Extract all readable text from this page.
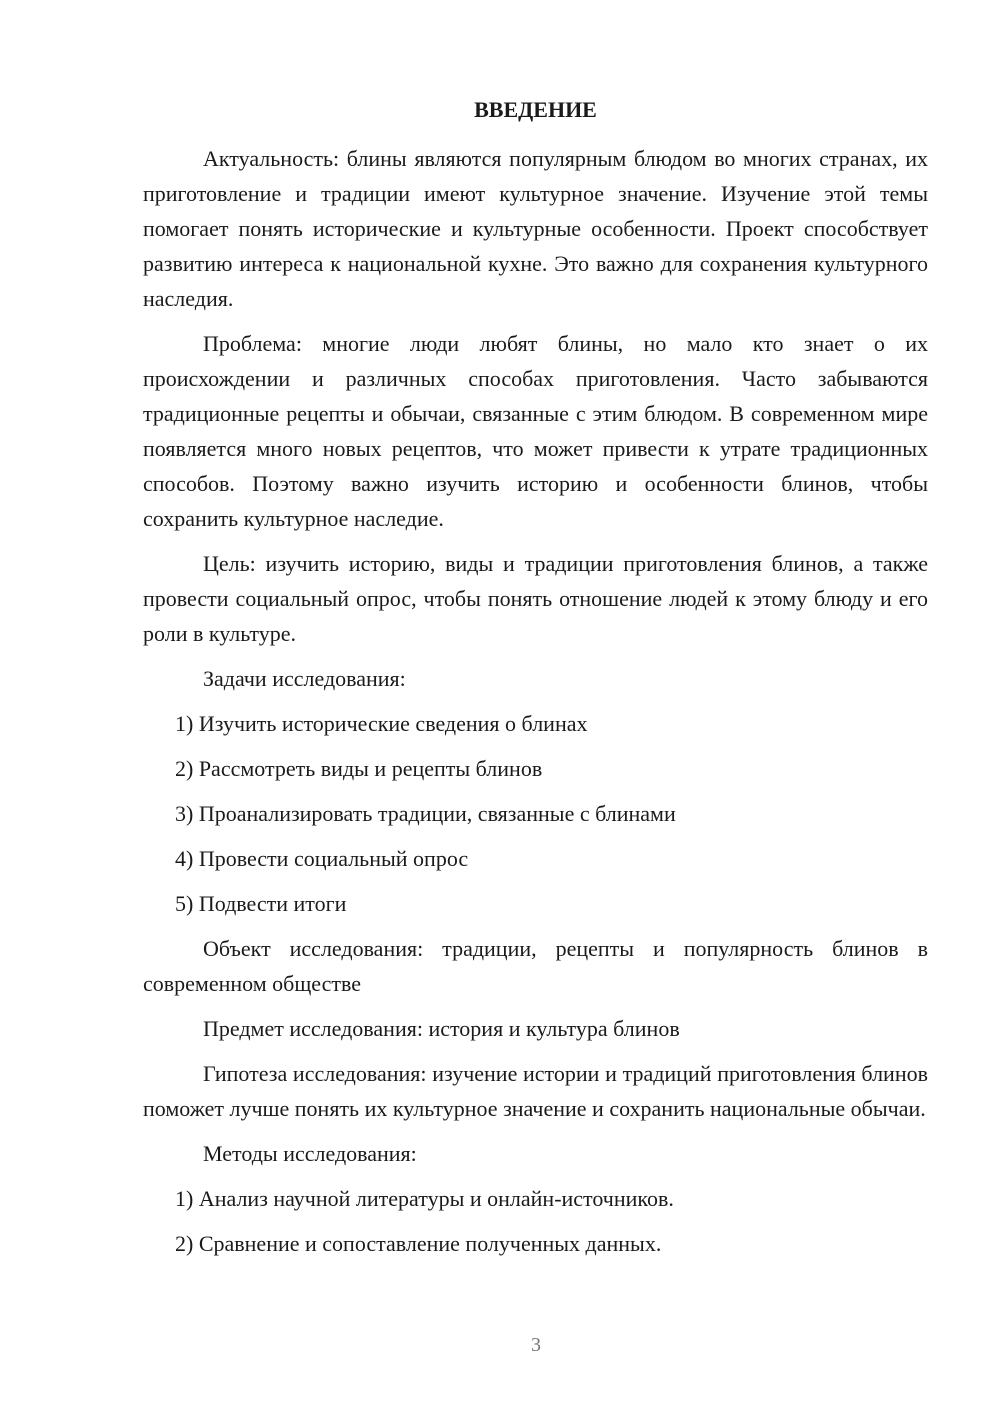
ВВЕДЕНИЕ

Актуальность: блины являются популярным блюдом во многих странах, их приготовление и традиции имеют культурное значение. Изучение этой темы помогает понять исторические и культурные особенности. Проект способствует развитию интереса к национальной кухне. Это важно для сохранения культурного наследия.

Проблема: многие люди любят блины, но мало кто знает о их происхождении и различных способах приготовления. Часто забываются традиционные рецепты и обычаи, связанные с этим блюдом. В современном мире появляется много новых рецептов, что может привести к утрате традиционных способов. Поэтому важно изучить историю и особенности блинов, чтобы сохранить культурное наследие.

Цель: изучить историю, виды и традиции приготовления блинов, а также провести социальный опрос, чтобы понять отношение людей к этому блюду и его роли в культуре.

Задачи исследования:

1) Изучить исторические сведения о блинах

2) Рассмотреть виды и рецепты блинов

3) Проанализировать традиции, связанные с блинами

4) Провести социальный опрос

5) Подвести итоги

Объект исследования: традиции, рецепты и популярность блинов в современном обществе

Предмет исследования: история и культура блинов

Гипотеза исследования: изучение истории и традиций приготовления блинов поможет лучше понять их культурное значение и сохранить национальные обычаи.

Методы исследования:

1) Анализ научной литературы и онлайн-источников.

2) Сравнение и сопоставление полученных данных.

3
